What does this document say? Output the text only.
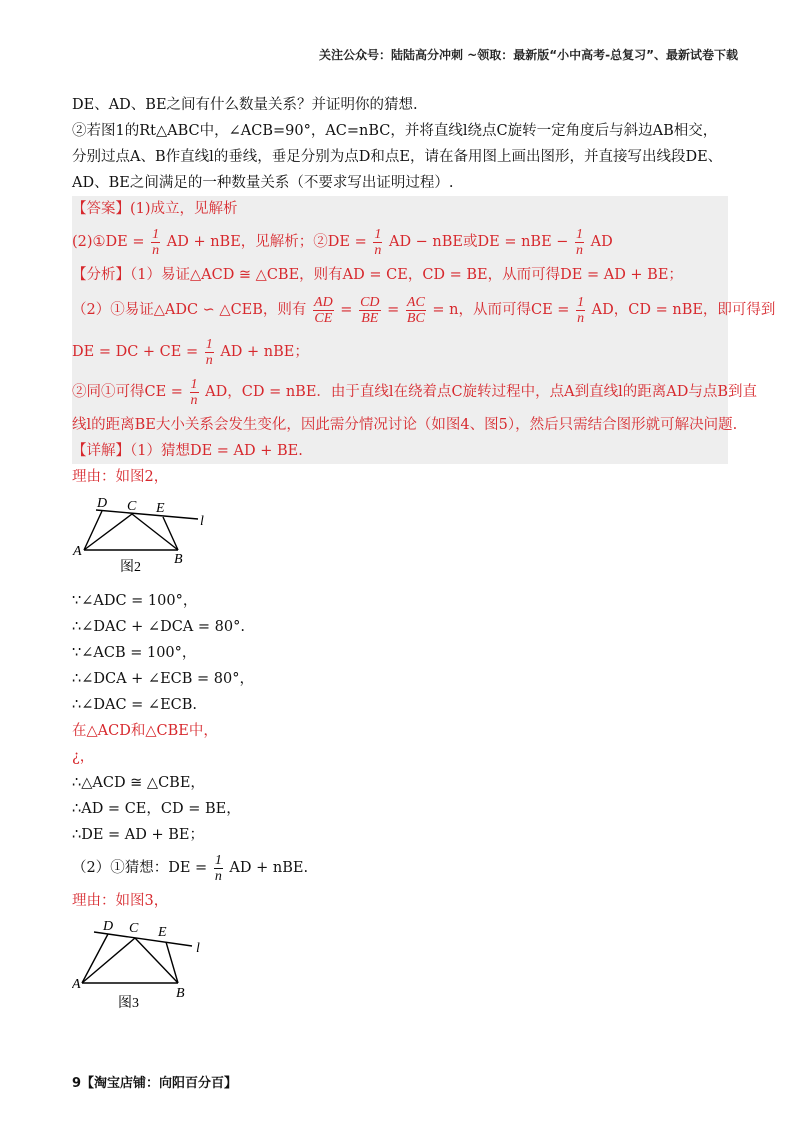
关注公众号：陆陆高分冲刺 ~领取：最新版“小中高考-总复习”、最新试卷下载
DE、AD、BE之间有什么数量关系？并证明你的猜想.
②若图1的Rt△ABC中，∠ACB=90°，AC=nBC，并将直线l绕点C旋转一定角度后与斜边AB相交，
分别过点A、B作直线l的垂线，垂足分别为点D和点E，请在备用图上画出图形，并直接写出线段DE、
AD、BE之间满足的一种数量关系（不要求写出证明过程）.
【答案】(1)成立，见解析
(2)①DE = $\frac{1}{n}$ AD + nBE，见解析；②DE = $\frac{1}{n}$ AD − nBE或DE = nBE − $\frac{1}{n}$ AD
【分析】（1）易证△ACD ≅ △CBE，则有AD = CE，CD = BE，从而可得DE = AD + BE；
（2）①易证△ADC ∽ △CEB，则有 $\frac{AD}{CE} = \frac{CD}{BE} = \frac{AC}{BC} = n$，从而可得CE = $\frac{1}{n}$ AD，CD = nBE，即可得到
DE = DC + CE = $\frac{1}{n}$ AD + nBE；
②同①可得CE = $\frac{1}{n}$ AD，CD = nBE．由于直线l在绕着点C旋转过程中，点A到直线l的距离AD与点B到直
线l的距离BE大小关系会发生变化，因此需分情况讨论（如图4、图5），然后只需结合图形就可解决问题.
【详解】（1）猜想DE = AD + BE.
理由：如图2，
D C E
l
A
B
图2
∵∠ADC = 100°，
∴∠DAC + ∠DCA = 80°.
∵∠ACB = 100°，
∴∠DCA + ∠ECB = 80°，
∴∠DAC = ∠ECB.
在△ACD和△CBE中，
¿，
∴△ACD ≅ △CBE，
∴AD = CE，CD = BE，
∴DE = AD + BE；
（2）①猜想：DE = $\frac{1}{n}$ AD + nBE.
理由：如图3，
D C E
l
A
B
图3
9【淘宝店铺：向阳百分百】
